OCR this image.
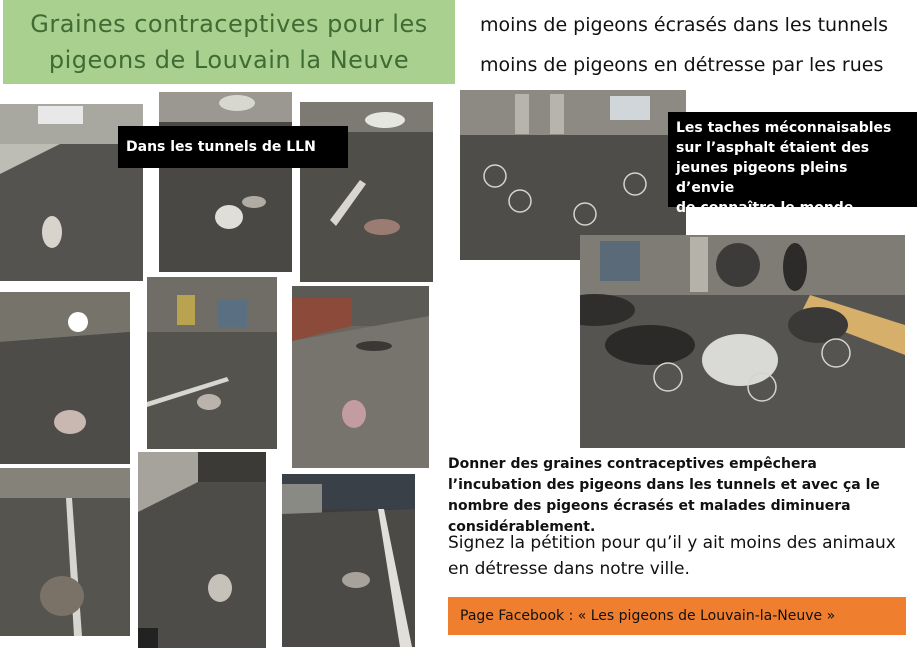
Graines contraceptives pour les
pigeons de Louvain la Neuve
moins de pigeons écrasés dans les tunnels
moins de pigeons en détresse par les rues
Dans les tunnels de LLN
Les taches méconnaisables
sur l’asphalt étaient des
jeunes pigeons pleins d’envie
de connaître le monde.
Donner des graines contraceptives empêchera l’incubation des pigeons dans les tunnels et avec ça le nombre des pigeons écrasés et malades diminuera considérablement.
Signez la pétition pour qu’il y ait moins des animaux en détresse dans notre ville.
Page Facebook : « Les pigeons de Louvain-la-Neuve »
